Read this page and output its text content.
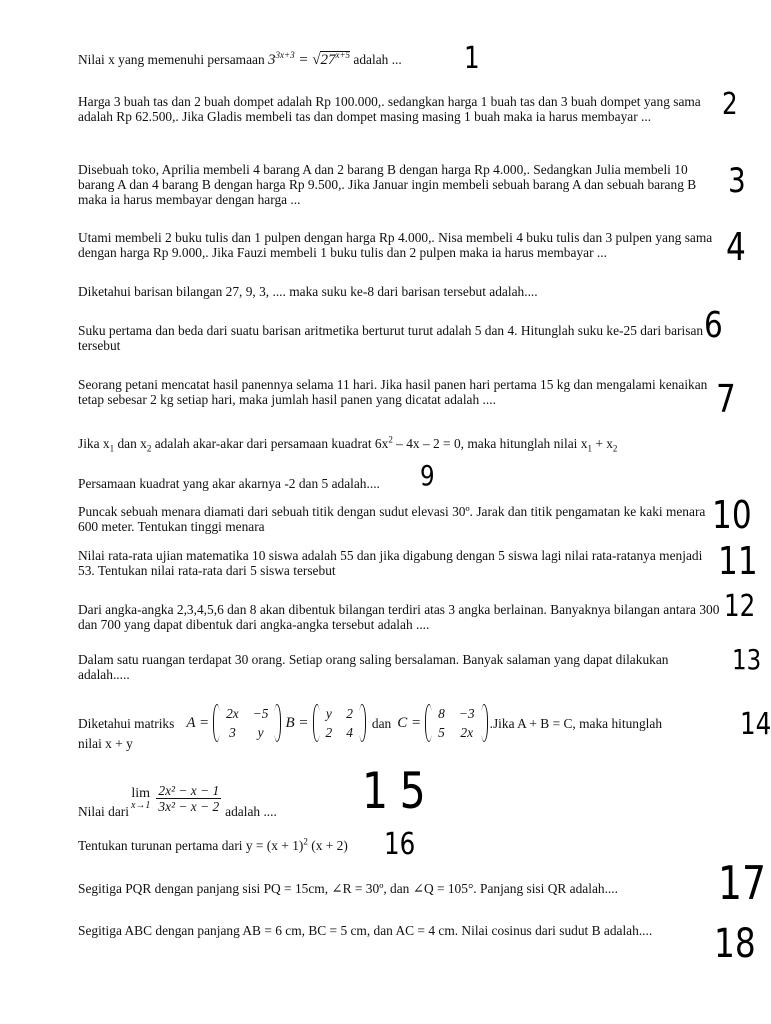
Nilai x yang memenuhi persamaan $3^{3x+3} = √27^{x+5}$ adalah ...
Harga 3 buah tas dan 2 buah dompet adalah Rp 100.000,. sedangkan harga 1 buah tas dan 3 buah dompet yang sama adalah Rp 62.500,. Jika Gladis membeli tas dan dompet masing masing 1 buah maka ia harus membayar ...
Disebuah toko, Aprilia membeli 4 barang A dan 2 barang B dengan harga Rp 4.000,. Sedangkan Julia membeli 10 barang A dan 4 barang B dengan harga Rp 9.500,. Jika Januar ingin membeli sebuah barang A dan sebuah barang B maka ia harus membayar dengan harga ...
Utami membeli 2 buku tulis dan 1 pulpen dengan harga Rp 4.000,. Nisa membeli 4 buku tulis dan 3 pulpen yang sama dengan harga Rp 9.000,. Jika Fauzi membeli 1 buku tulis dan 2 pulpen maka ia harus membayar ...
Diketahui barisan bilangan 27, 9, 3, .... maka suku ke-8 dari barisan tersebut adalah....
Suku pertama dan beda dari suatu barisan aritmetika berturut turut adalah 5 dan 4. Hitunglah suku ke-25 dari barisan tersebut
Seorang petani mencatat hasil panennya selama 11 hari. Jika hasil panen hari pertama 15 kg dan mengalami kenaikan tetap sebesar 2 kg setiap hari, maka jumlah hasil panen yang dicatat adalah ....
Jika $x_1$ dan $x_2$ adalah akar-akar dari persamaan kuadrat $6x^2 - 4x - 2 = 0$, maka hitunglah nilai $x_1 + x_2$
Persamaan kuadrat yang akar akarnya -2 dan 5 adalah....
Puncak sebuah menara diamati dari sebuah titik dengan sudut elevasi 30º. Jarak dan titik pengamatan ke kaki menara 600 meter. Tentukan tinggi menara
Nilai rata-rata ujian matematika 10 siswa adalah 55 dan jika digabung dengan 5 siswa lagi nilai rata-ratanya menjadi 53. Tentukan nilai rata-rata dari 5 siswa tersebut
Dari angka-angka 2,3,4,5,6 dan 8 akan dibentuk bilangan terdiri atas 3 angka berlainan. Banyaknya bilangan antara 300 dan 700 yang dapat dibentuk dari angka-angka tersebut adalah ....
Dalam satu ruangan terdapat 30 orang. Setiap orang saling bersalaman. Banyak salaman yang dapat dilakukan adalah.....
Diketahui matriks A =
2x	−5
3	y
B =
y	2
2	4
dan C =
8	−3
5	2x
.Jika A + B = C, maka hitunglah
nilai x + y
Nilai dari
lim
$x\to 1 \frac{\text{2x² − x − 1}}{\text{3x² − x − 2}}$ adalah ....
Tentukan turunan pertama dari $y = (x + 1)^2$ (x + 2)
Segitiga PQR dengan panjang sisi PQ = 15cm, ∠R = 30º, dan ∠Q = 105°. Panjang sisi QR adalah....
Segitiga ABC dengan panjang AB = 6 cm, BC = 5 cm, dan AC = 4 cm. Nilai cosinus dari sudut B adalah....
1
2
3
4
6
7
9
10
11
12
13
14
15
16
17
18
